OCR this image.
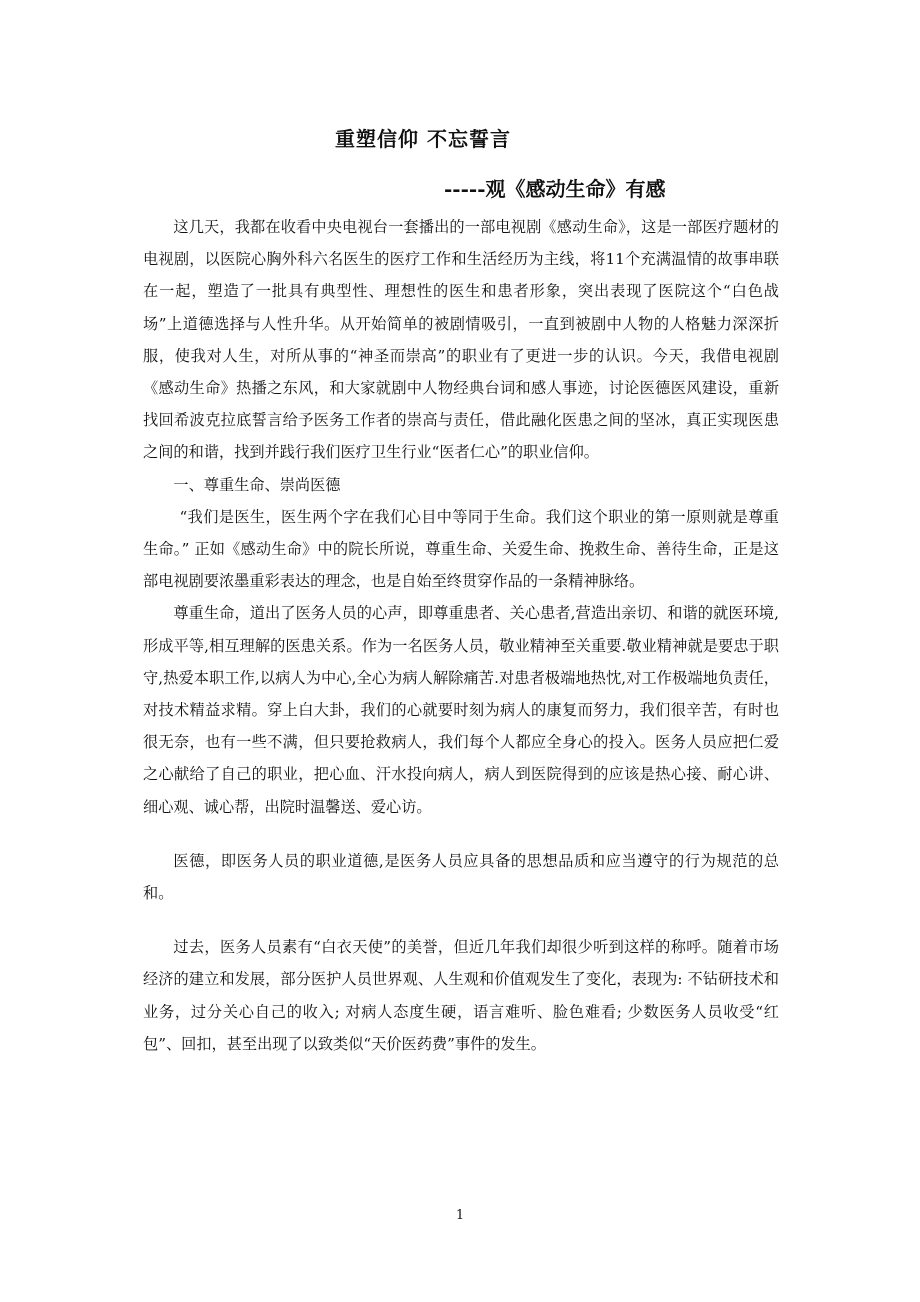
重塑信仰 不忘誓言
-----观《感动生命》有感

这几天，我都在收看中央电视台一套播出的一部电视剧《感动生命》，这是一部医疗题材的电视剧，以医院心胸外科六名医生的医疗工作和生活经历为主线，将11个充满温情的故事串联在一起，塑造了一批具有典型性、理想性的医生和患者形象，突出表现了医院这个“白色战场”上道德选择与人性升华。从开始简单的被剧情吸引，一直到被剧中人物的人格魅力深深折服，使我对人生，对所从事的“神圣而崇高”的职业有了更进一步的认识。今天，我借电视剧《感动生命》热播之东风，和大家就剧中人物经典台词和感人事迹，讨论医德医风建设，重新找回希波克拉底誓言给予医务工作者的崇高与责任，借此融化医患之间的坚冰，真正实现医患之间的和谐，找到并践行我们医疗卫生行业“医者仁心”的职业信仰。

一、尊重生命、崇尚医德

“我们是医生，医生两个字在我们心目中等同于生命。我们这个职业的第一原则就是尊重生命。” 正如《感动生命》中的院长所说，尊重生命、关爱生命、挽救生命、善待生命，正是这部电视剧要浓墨重彩表达的理念，也是自始至终贯穿作品的一条精神脉络。

尊重生命，道出了医务人员的心声，即尊重患者、关心患者,营造出亲切、和谐的就医环境,形成平等,相互理解的医患关系。作为一名医务人员，敬业精神至关重要.敬业精神就是要忠于职守,热爱本职工作,以病人为中心,全心为病人解除痛苦.对患者极端地热忱,对工作极端地负责任，对技术精益求精。穿上白大卦，我们的心就要时刻为病人的康复而努力，我们很辛苦，有时也很无奈，也有一些不满，但只要抢救病人，我们每个人都应全身心的投入。医务人员应把仁爱之心献给了自己的职业，把心血、汗水投向病人，病人到医院得到的应该是热心接、耐心讲、细心观、诚心帮，出院时温馨送、爱心访。

医德，即医务人员的职业道德,是医务人员应具备的思想品质和应当遵守的行为规范的总和。

过去，医务人员素有“白衣天使”的美誉，但近几年我们却很少听到这样的称呼。随着市场经济的建立和发展，部分医护人员世界观、人生观和价值观发生了变化，表现为: 不钻研技术和业务，过分关心自己的收入; 对病人态度生硬，语言难听、脸色难看; 少数医务人员收受“红包”、回扣，甚至出现了以致类似“天价医药费”事件的发生。

1
